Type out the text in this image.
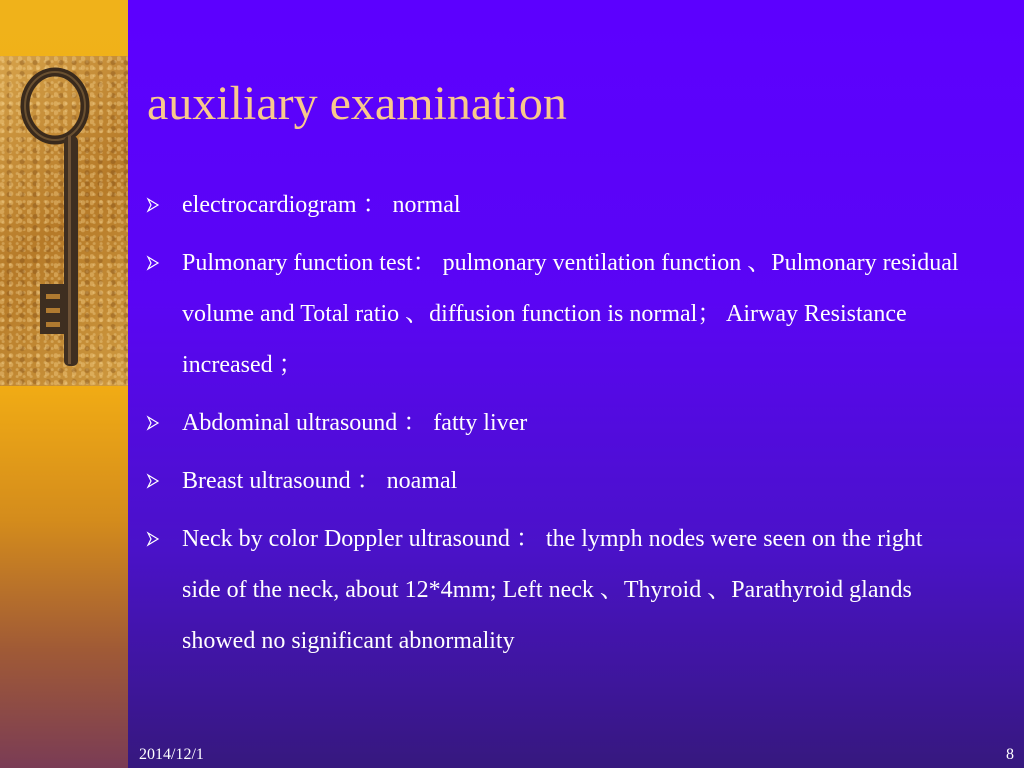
auxiliary examination
electrocardiogram ： normal
Pulmonary function test： pulmonary ventilation function 、Pulmonary residual volume and Total ratio 、diffusion function is normal； Airway Resistance increased ；
Abdominal ultrasound ： fatty liver
Breast ultrasound ： noamal
Neck by color Doppler ultrasound ： the lymph nodes were seen on the right side of the neck, about 12*4mm; Left neck 、Thyroid 、Parathyroid glands showed no significant abnormality
2014/12/1	8
